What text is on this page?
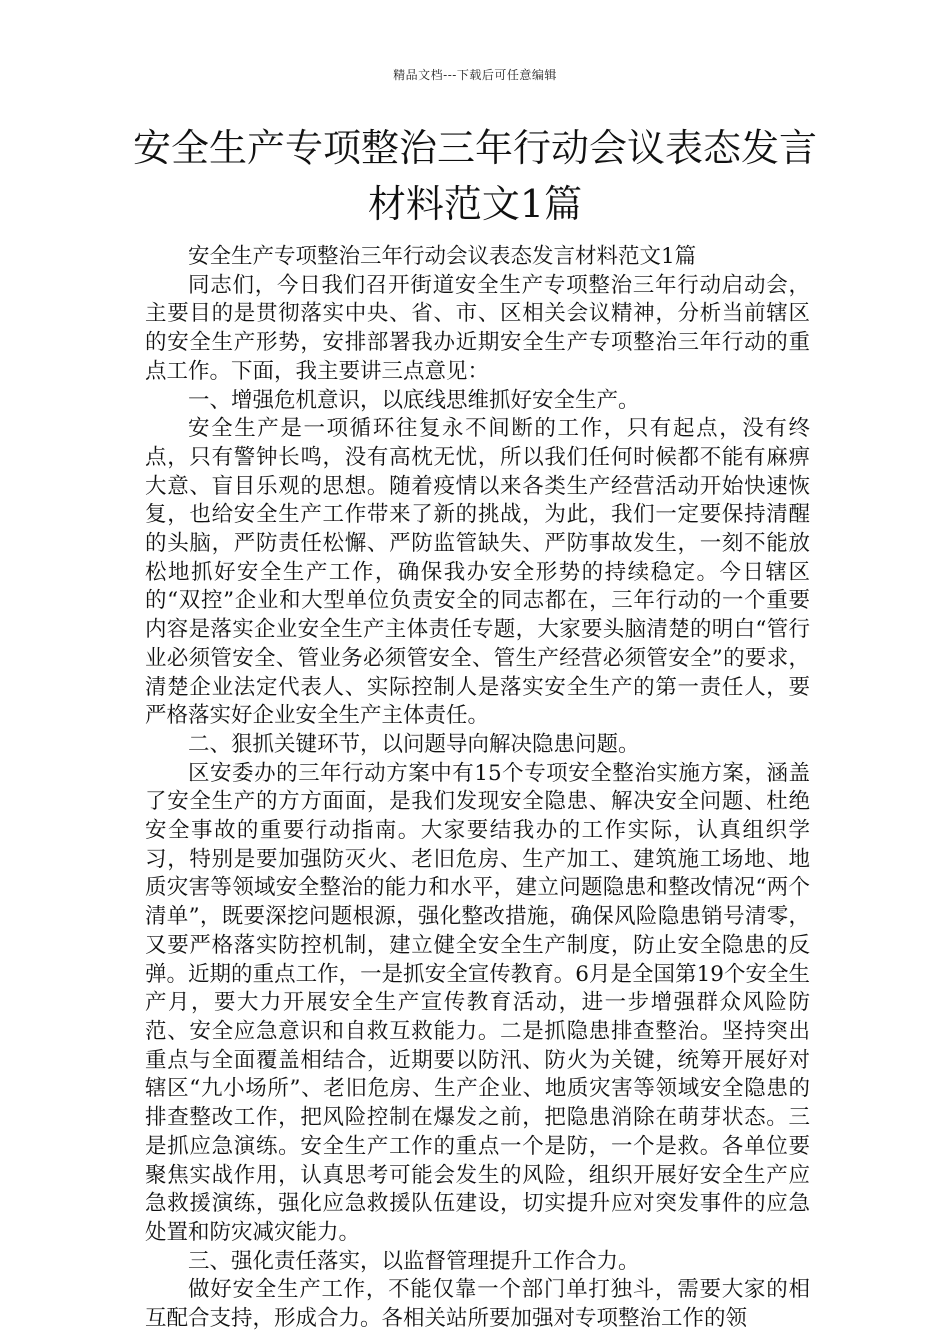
精品文档---下载后可任意编辑
安全生产专项整治三年行动会议表态发言材料范文1篇

安全生产专项整治三年行动会议表态发言材料范文1篇

同志们，今日我们召开街道安全生产专项整治三年行动启动会，主要目的是贯彻落实中央、省、市、区相关会议精神，分析当前辖区的安全生产形势，安排部署我办近期安全生产专项整治三年行动的重点工作。下面，我主要讲三点意见：

一、增强危机意识，以底线思维抓好安全生产。

安全生产是一项循环往复永不间断的工作，只有起点，没有终点，只有警钟长鸣，没有高枕无忧，所以我们任何时候都不能有麻痹大意、盲目乐观的思想。随着疫情以来各类生产经营活动开始快速恢复，也给安全生产工作带来了新的挑战，为此，我们一定要保持清醒的头脑，严防责任松懈、严防监管缺失、严防事故发生，一刻不能放松地抓好安全生产工作，确保我办安全形势的持续稳定。今日辖区的“双控”企业和大型单位负责安全的同志都在，三年行动的一个重要内容是落实企业安全生产主体责任专题，大家要头脑清楚的明白“管行业必须管安全、管业务必须管安全、管生产经营必须管安全”的要求，清楚企业法定代表人、实际控制人是落实安全生产的第一责任人，要严格落实好企业安全生产主体责任。

二、狠抓关键环节，以问题导向解决隐患问题。

区安委办的三年行动方案中有15个专项安全整治实施方案，涵盖了安全生产的方方面面，是我们发现安全隐患、解决安全问题、杜绝安全事故的重要行动指南。大家要结我办的工作实际，认真组织学习，特别是要加强防灭火、老旧危房、生产加工、建筑施工场地、地质灾害等领域安全整治的能力和水平，建立问题隐患和整改情况“两个清单”，既要深挖问题根源，强化整改措施，确保风险隐患销号清零，又要严格落实防控机制，建立健全安全生产制度，防止安全隐患的反弹。近期的重点工作，一是抓安全宣传教育。6月是全国第19个安全生产月，要大力开展安全生产宣传教育活动，进一步增强群众风险防范、安全应急意识和自救互救能力。二是抓隐患排查整治。坚持突出重点与全面覆盖相结合，近期要以防汛、防火为关键，统筹开展好对辖区“九小场所”、老旧危房、生产企业、地质灾害等领域安全隐患的排查整改工作，把风险控制在爆发之前，把隐患消除在萌芽状态。三是抓应急演练。安全生产工作的重点一个是防，一个是救。各单位要聚焦实战作用，认真思考可能会发生的风险，组织开展好安全生产应急救援演练，强化应急救援队伍建设，切实提升应对突发事件的应急处置和防灾减灾能力。

三、强化责任落实，以监督管理提升工作合力。

做好安全生产工作，不能仅靠一个部门单打独斗，需要大家的相互配合支持，形成合力。各相关站所要加强对专项整治工作的领
